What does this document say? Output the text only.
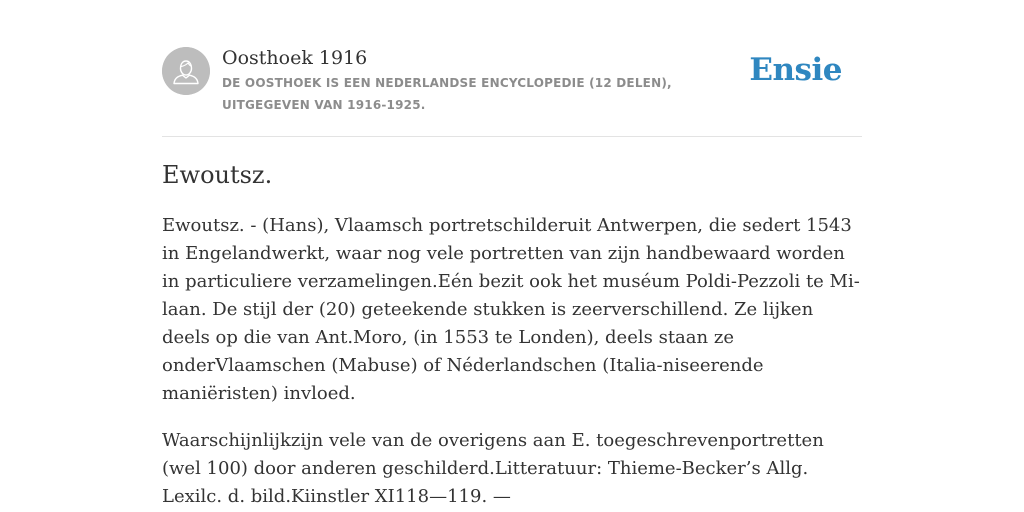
Oosthoek 1916
DE OOSTHOEK IS EEN NEDERLANDSE ENCYCLOPEDIE (12 DELEN), UITGEGEVEN VAN 1916-1925.
Ensie
Ewoutsz.

Ewoutsz. - (Hans), Vlaamsch portretschilderuit Antwerpen, die sedert 1543 in Engelandwerkt, waar nog vele portretten van zijn handbewaard worden in particuliere verzamelingen.Eén bezit ook het muséum Poldi-Pezzoli te Mi-laan. De stijl der (20) geteekende stukken is zeerverschillend. Ze lijken deels op die van Ant.Moro, (in 1553 te Londen), deels staan ze onderVlaamschen (Mabuse) of Néderlandschen (Italia-niseerende maniëristen) invloed.

Waarschijnlijkzijn vele van de overigens aan E. toegeschrevenportretten (wel 100) door anderen geschilderd.Litteratuur: Thieme-Becker’s Allg. Lexilc. d. bild.Kiinstler XI118—119. —
